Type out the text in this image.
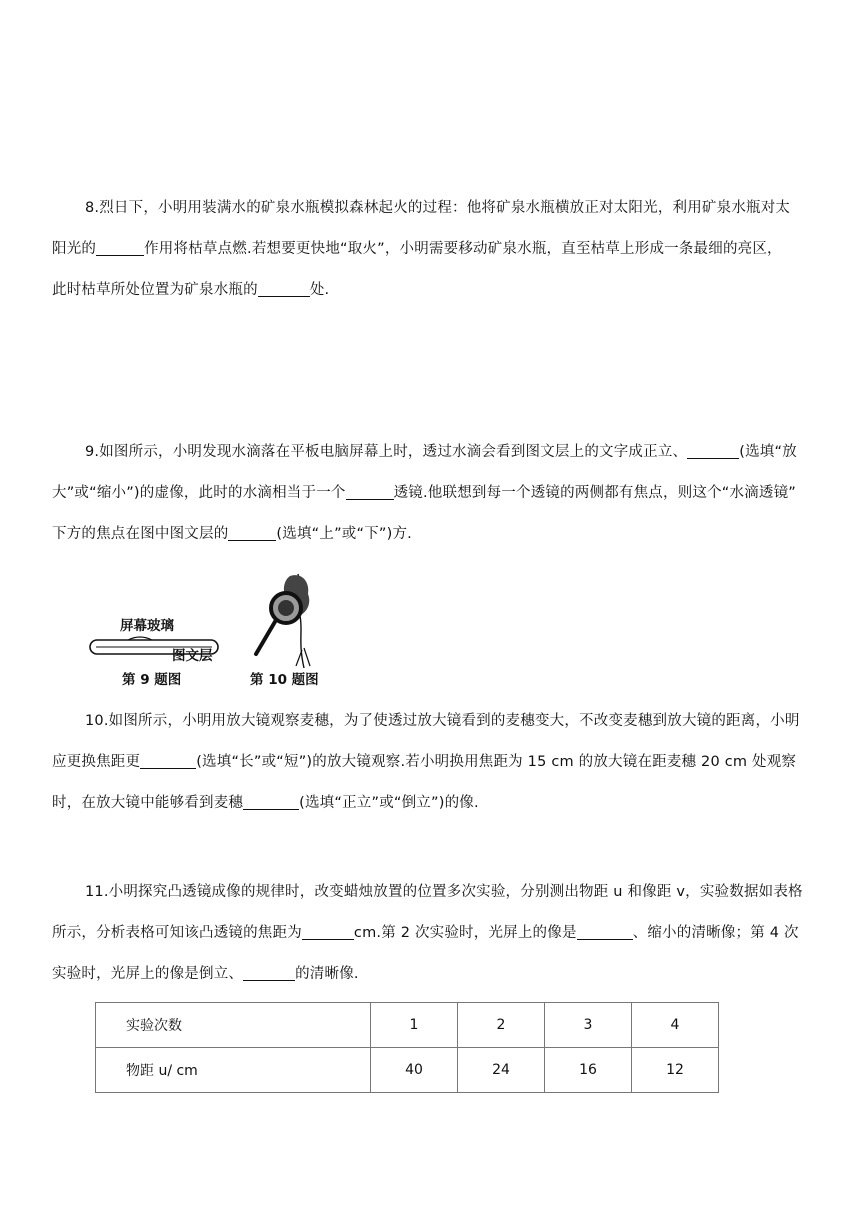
8.烈日下，小明用装满水的矿泉水瓶模拟森林起火的过程：他将矿泉水瓶横放正对太阳光，利用矿泉水瓶对太

阳光的	作用将枯草点燃.若想要更快地“取火”，小明需要移动矿泉水瓶，直至枯草上形成一条最细的亮区，

此时枯草所处位置为矿泉水瓶的	处.

9.如图所示，小明发现水滴落在平板电脑屏幕上时，透过水滴会看到图文层上的文字成正立、	(选填“放

大”或“缩小”)的虚像，此时的水滴相当于一个	透镜.他联想到每一个透镜的两侧都有焦点，则这个“水滴透镜”

下方的焦点在图中图文层的	(选填“上”或“下”)方.

屏幕玻璃
图文层
第 9 题图	第 10 题图

10.如图所示，小明用放大镜观察麦穗，为了使透过放大镜看到的麦穗变大，不改变麦穗到放大镜的距离，小明

应更换焦距更	(选填“长”或“短”)的放大镜观察.若小明换用焦距为 15 cm 的放大镜在距麦穗 20 cm 处观察

时，在放大镜中能够看到麦穗	(选填“正立”或“倒立”)的像.

11.小明探究凸透镜成像的规律时，改变蜡烛放置的位置多次实验，分别测出物距 u 和像距 v，实验数据如表格

所示，分析表格可知该凸透镜的焦距为	cm.第 2 次实验时，光屏上的像是	、缩小的清晰像；第 4 次

实验时，光屏上的像是倒立、	的清晰像.

实验次数	1	2	3	4
物距 u/ cm	40	24	16	12
